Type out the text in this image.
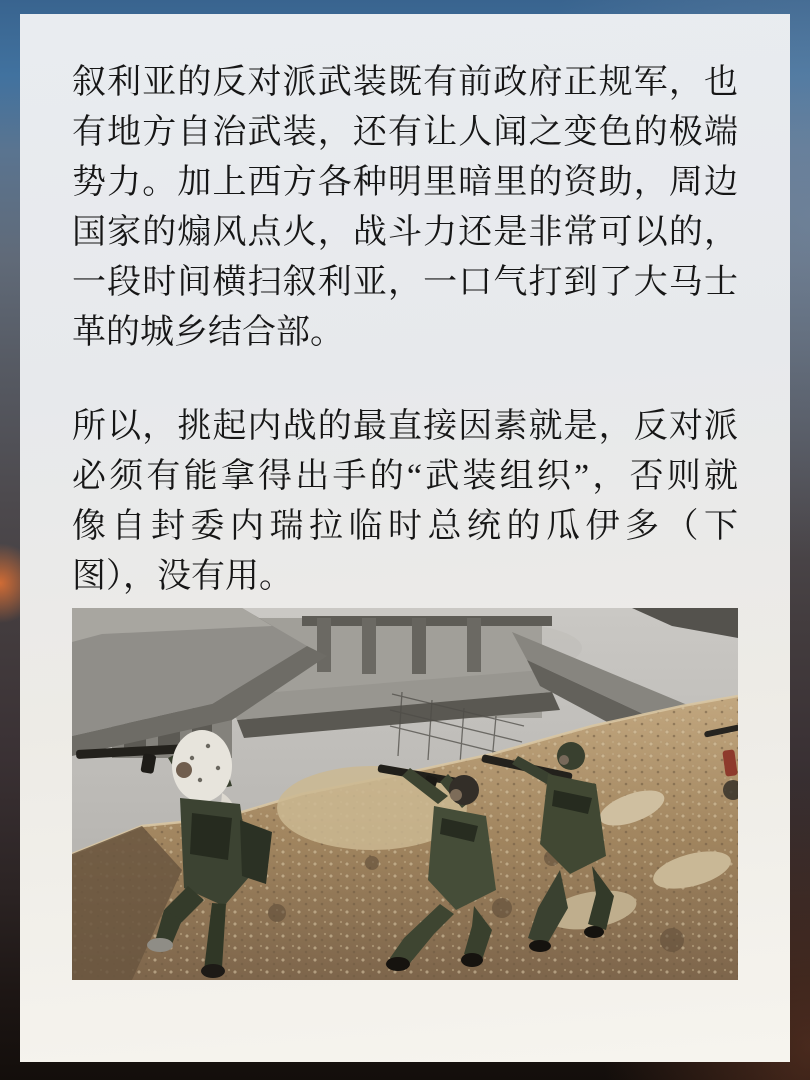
叙利亚的反对派武装既有前政府正规军，也
有地方自治武装，还有让人闻之变色的极端
势力。加上西方各种明里暗里的资助，周边
国家的煽风点火，战斗力还是非常可以的，
一段时间横扫叙利亚，一口气打到了大马士
革的城乡结合部。
所以，挑起内战的最直接因素就是，反对派
必须有能拿得出手的“武装组织”，否则就
像自封委内瑞拉临时总统的瓜伊多（下
图），没有用。
